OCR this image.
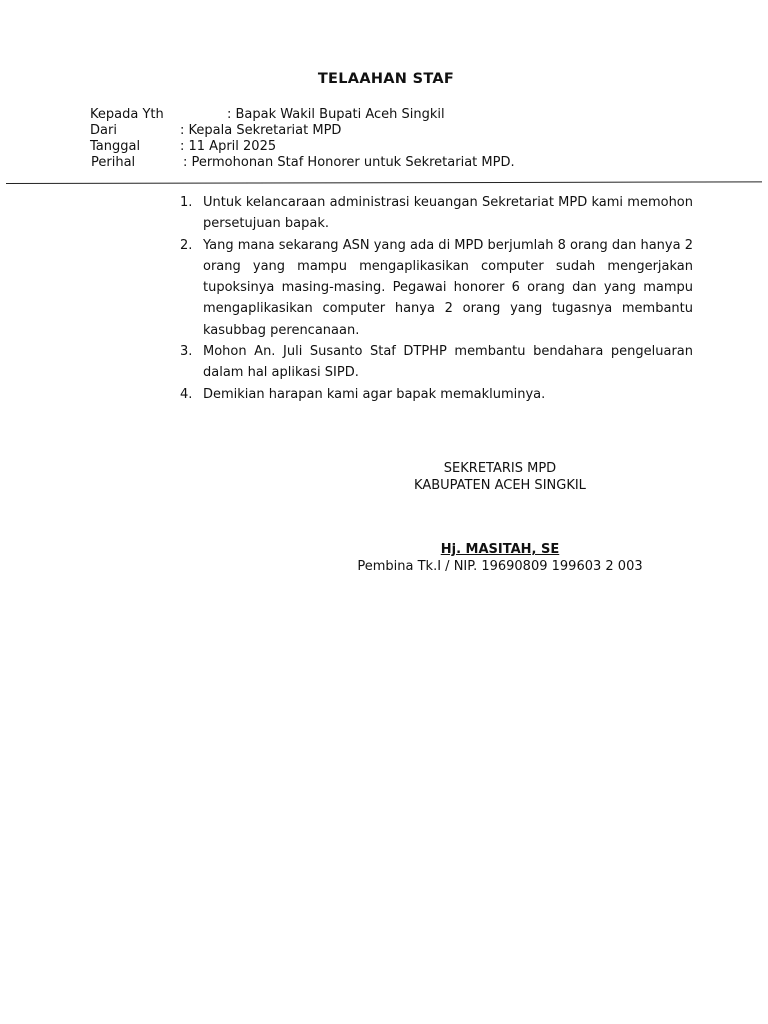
TELAAHAN STAF
Kepada Yth	: Bapak Wakil Bupati Aceh Singkil
Dari	: Kepala Sekretariat MPD
Tanggal	: 11 April 2025
Perihal	: Permohonan Staf Honorer untuk Sekretariat MPD.

1. Untuk kelancaraan administrasi keuangan Sekretariat MPD kami memohon persetujuan bapak.

2. Yang mana sekarang ASN yang ada di MPD berjumlah 8 orang dan hanya 2 orang yang mampu mengaplikasikan computer sudah mengerjakan tupoksinya masing-masing. Pegawai honorer 6 orang dan yang mampu mengaplikasikan computer hanya 2 orang yang tugasnya membantu kasubbag perencanaan.

3. Mohon An. Juli Susanto Staf DTPHP membantu bendahara pengeluaran dalam hal aplikasi SIPD.

4. Demikian harapan kami agar bapak memakluminya.

SEKRETARIS MPD
KABUPATEN ACEH SINGKIL
Hj. MASITAH, SE
Pembina Tk.I / NIP. 19690809 199603 2 003
